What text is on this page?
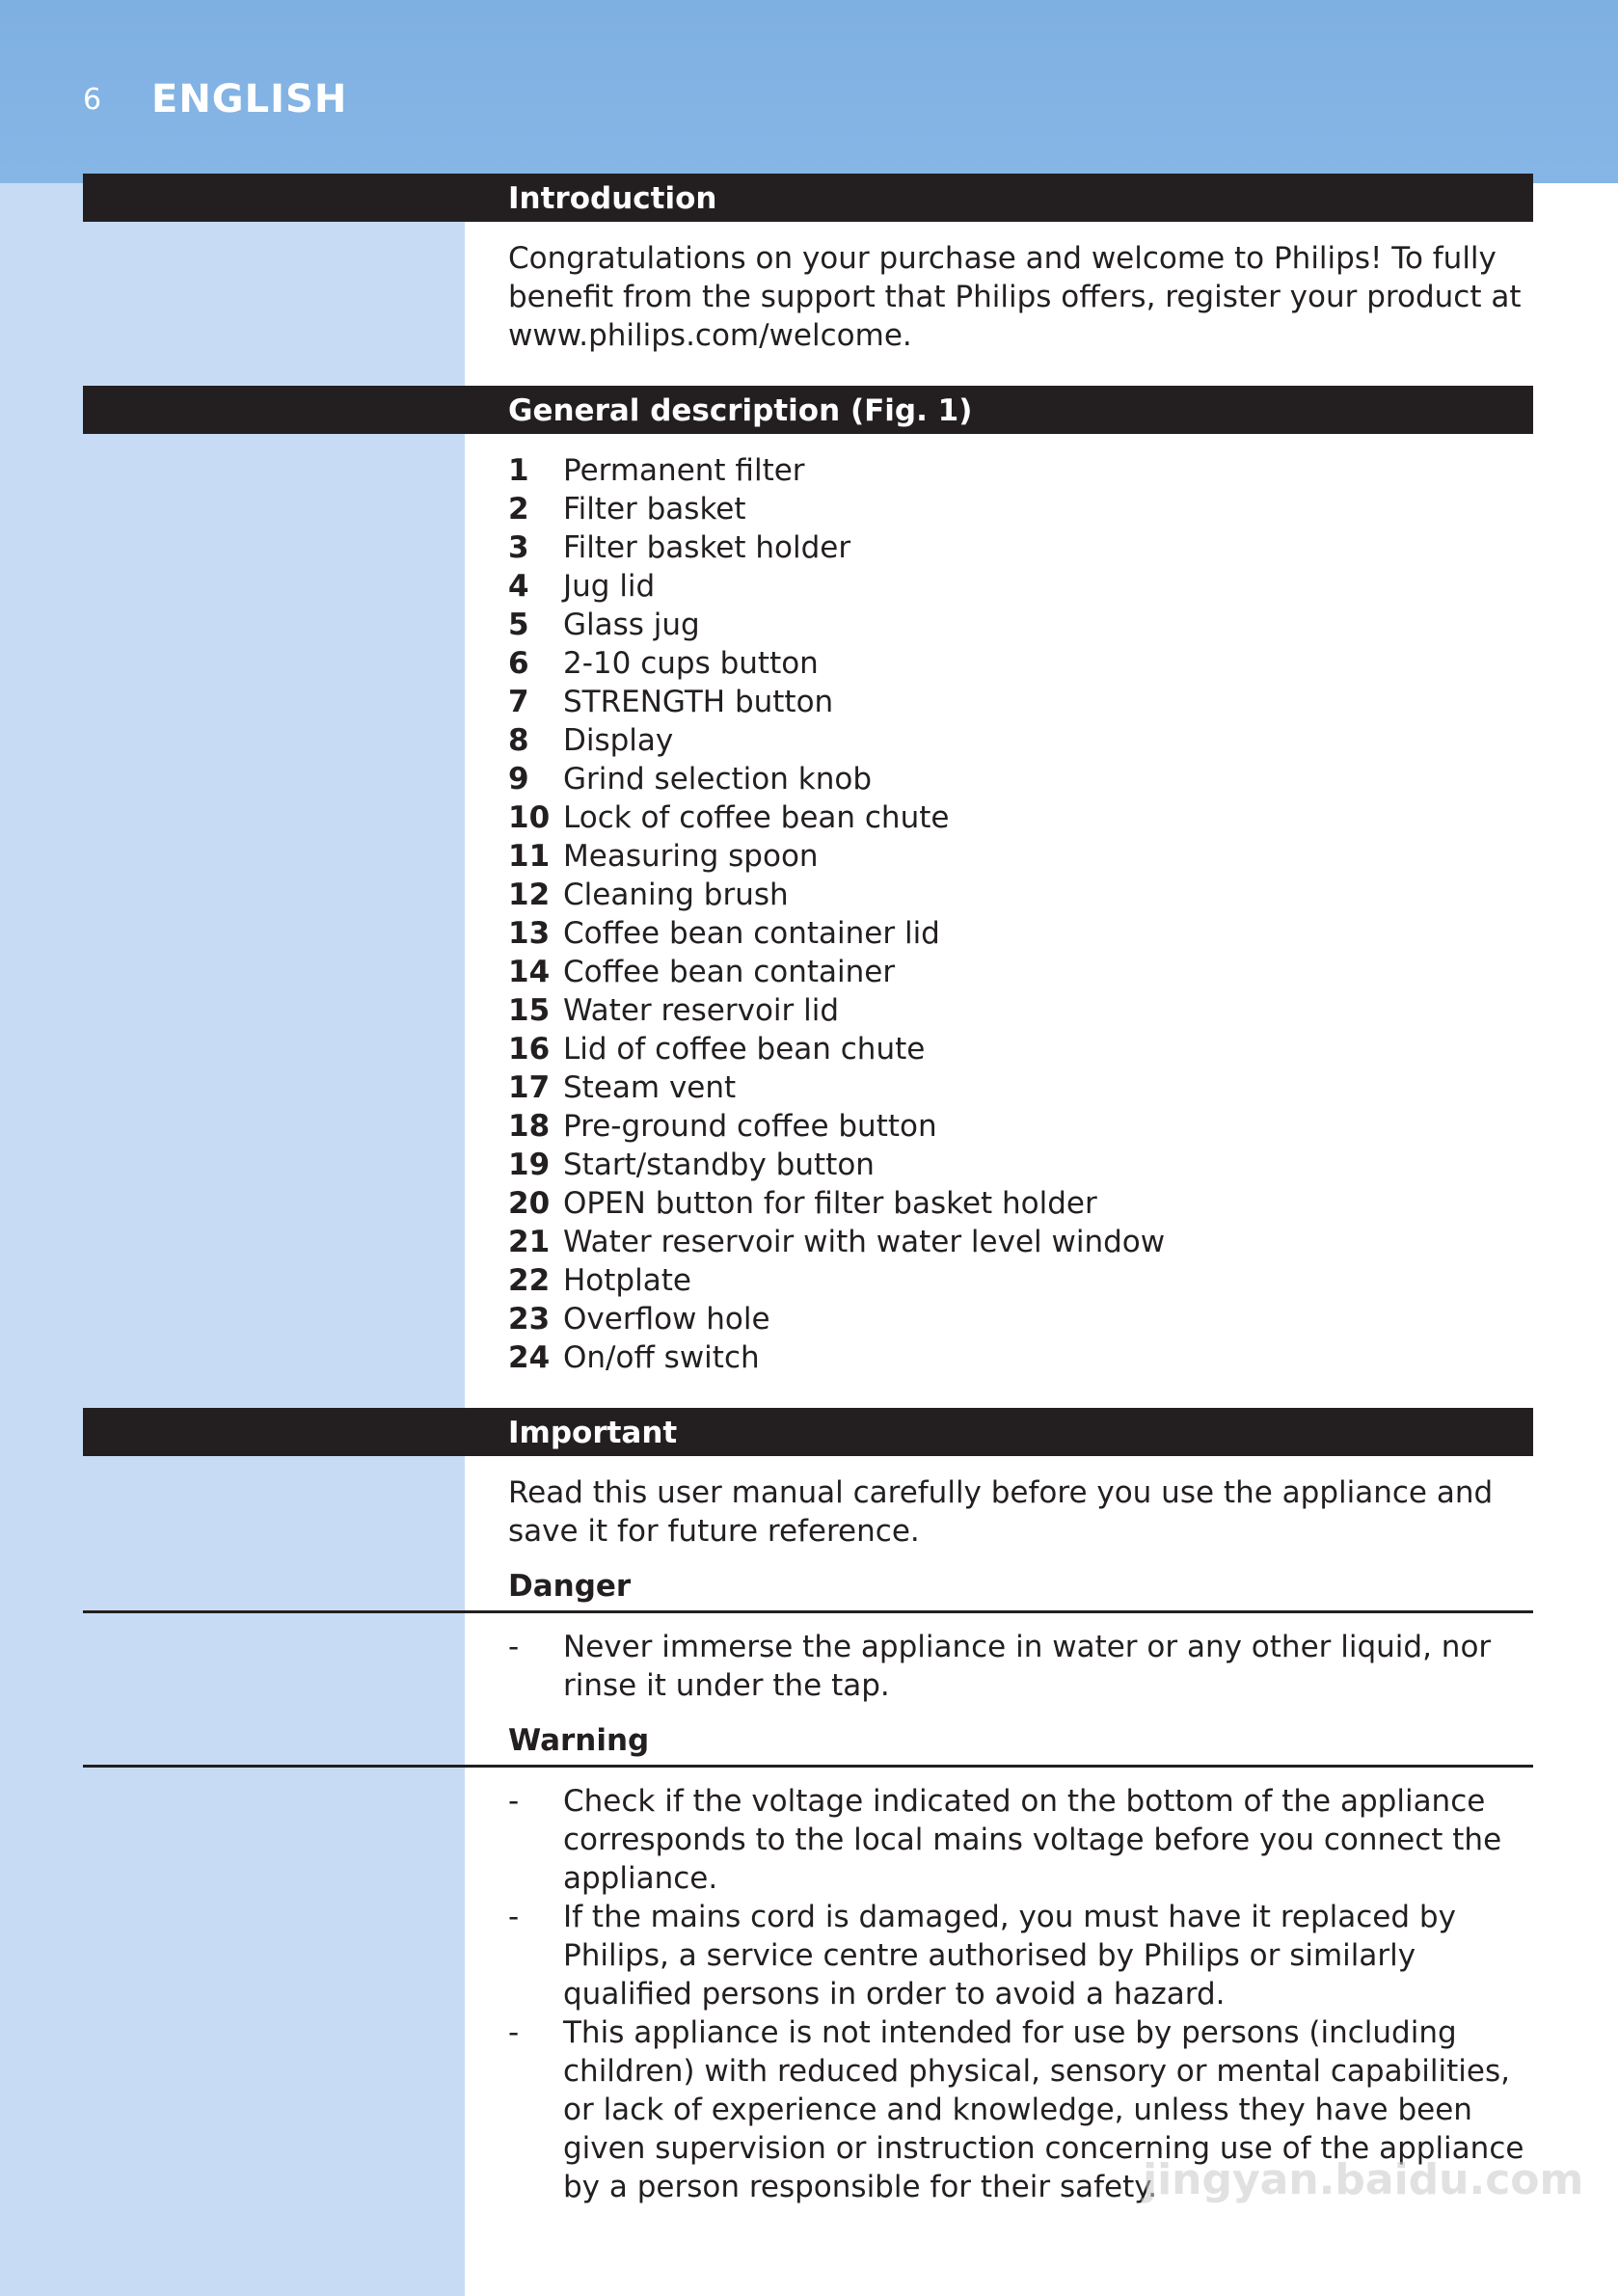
6 ENGLISH
Introduction

Congratulations on your purchase and welcome to Philips! To fully benefit from the support that Philips offers, register your product at www.philips.com/welcome.

General description (Fig. 1)
1 Permanent filter
2 Filter basket
3 Filter basket holder
4 Jug lid
5 Glass jug
6 2-10 cups button
7 STRENGTH button
8 Display
9 Grind selection knob
10 Lock of coffee bean chute
11 Measuring spoon
12 Cleaning brush
13 Coffee bean container lid
14 Coffee bean container
15 Water reservoir lid
16 Lid of coffee bean chute
17 Steam vent
18 Pre-ground coffee button
19 Start/standby button
20 OPEN button for filter basket holder
21 Water reservoir with water level window
22 Hotplate
23 Overflow hole
24 On/off switch
Important

Read this user manual carefully before you use the appliance and save it for future reference.

Danger
- Never immerse the appliance in water or any other liquid, nor rinse it under the tap.
Warning
- Check if the voltage indicated on the bottom of the appliance corresponds to the local mains voltage before you connect the appliance.
- If the mains cord is damaged, you must have it replaced by Philips, a service centre authorised by Philips or similarly qualified persons in order to avoid a hazard.
- This appliance is not intended for use by persons (including children) with reduced physical, sensory or mental capabilities, or lack of experience and knowledge, unless they have been given supervision or instruction concerning use of the appliance by a person responsible for their safety.
jingyan.baidu.com
